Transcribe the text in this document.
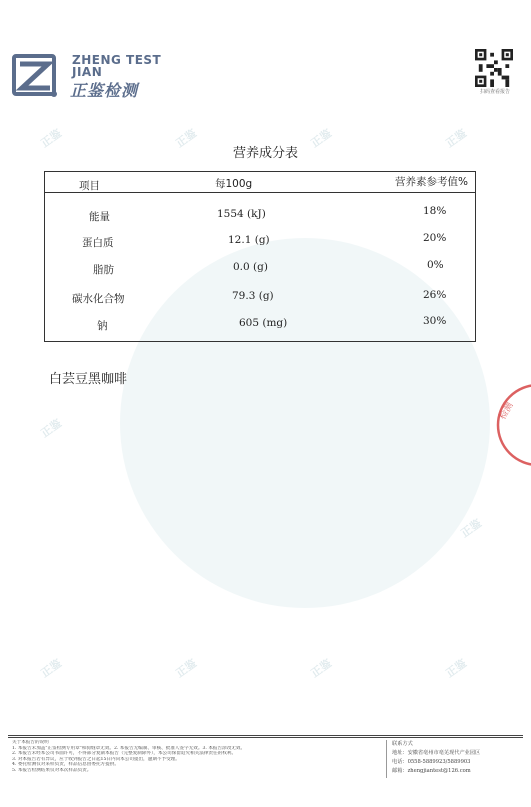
正鉴	正鉴	正鉴	正鉴
正鉴
正鉴
正鉴	正鉴	正鉴	正鉴
ZHENG TEST
JIAN
正鉴检测	扫码查看报告
营养成分表
项目	每100g	营养素参考值%
能量	1554 (kJ)	18%
蛋白质	12.1 (g)	20%
脂肪	0.0 (g)	0%
碳水化合物	79.3 (g)	26%
钠	605 (mg)	30%
白芸豆黑咖啡
检测
关于本报告的说明
1. 本报告未加盖"正鉴检测专用章"和骑缝章无效。2. 本报告无编制、审核、批准人签字无效。3. 本报告涂改无效。
2. 本报告未经本公司书面许可，不得部分复制本报告（完整复制除外），本公司保留追究相关法律责任的权利。
3. 对本报告若有异议，应于收到报告之日起15日内向本公司提出，逾期不予受理。
4. 委托检测仅对来样负责，样品信息由委托方提供。
5. 本报告检测结果仅对本次样品负责。
联系方式
地址：安徽省亳州市亳芜现代产业园区
电话：0558-5889923/5889903
邮箱：zhengjiantest@126.com
